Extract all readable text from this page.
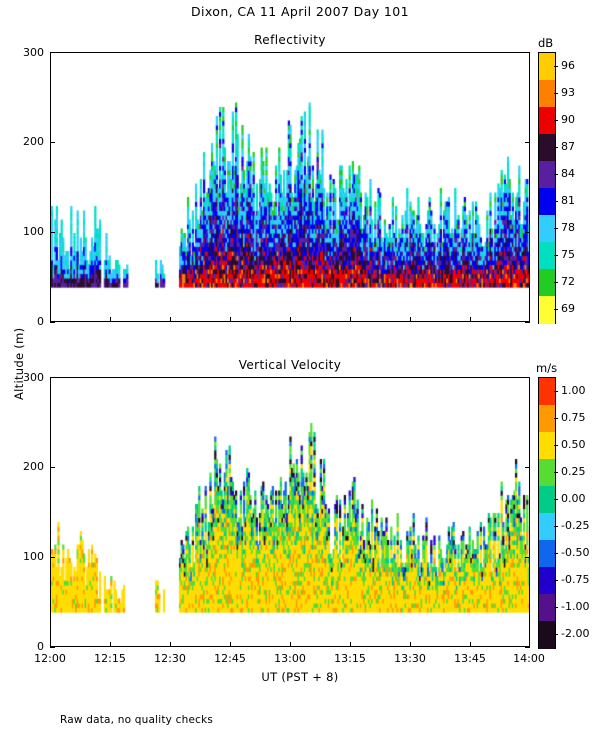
Dixon, CA 11 April 2007 Day 101
Reflectivity
0
100
200
300
dB
Vertical Velocity
0
100
200
300
12:00	12:15	12:30	12:45	13:00	13:15	13:30	13:45	14:00
UT (PST + 8)
Altitude (m)	m/s
Raw data, no quality checks
96
93
90
87
84
81
78
75
72
69
1.00
0.75
0.50
0.25
0.00
-0.25
-0.50
-0.75
-1.00
-2.00
